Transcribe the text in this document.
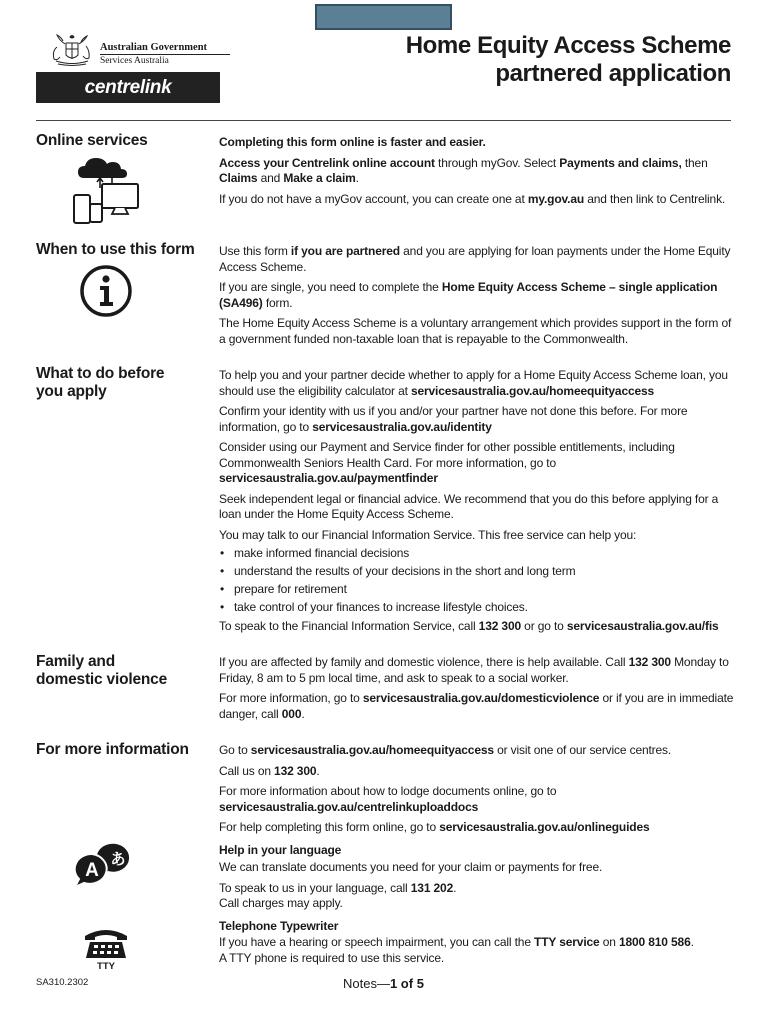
Australian Government
Services Australia
centrelink
Home Equity Access Scheme
partnered application
Online services	Completing this form online is faster and easier.

Access your Centrelink online account through myGov. Select Payments and claims, then Claims and Make a claim.

If you do not have a myGov account, you can create one at my.gov.au and then link to Centrelink.

When to use this form Use this form if you are partnered and you are applying for loan payments under the Home Equity Access Scheme.

If you are single, you need to complete the Home Equity Access Scheme – single application (SA496) form.

The Home Equity Access Scheme is a voluntary arrangement which provides support in the form of a government funded non-taxable loan that is repayable to the Commonwealth.

What to do before
you apply

To help you and your partner decide whether to apply for a Home Equity Access Scheme loan, you should use the eligibility calculator at servicesaustralia.gov.au/homeequityaccess

Confirm your identity with us if you and/or your partner have not done this before. For more information, go to servicesaustralia.gov.au/identity

Consider using our Payment and Service finder for other possible entitlements, including Commonwealth Seniors Health Card. For more information, go to servicesaustralia.gov.au/paymentfinder

Seek independent legal or financial advice. We recommend that you do this before applying for a loan under the Home Equity Access Scheme.

You may talk to our Financial Information Service. This free service can help you:

• make informed financial decisions
• understand the results of your decisions in the short and long term
• prepare for retirement
• take control of your finances to increase lifestyle choices.

To speak to the Financial Information Service, call 132 300 or go to servicesaustralia.gov.au/fis

Family and
domestic violence

If you are affected by family and domestic violence, there is help available. Call 132 300 Monday to Friday, 8 am to 5 pm local time, and ask to speak to a social worker.

For more information, go to servicesaustralia.gov.au/domesticviolence or if you are in immediate danger, call 000.

For more information	Go to servicesaustralia.gov.au/homeequityaccess or visit one of our service centres.

Call us on 132 300.

For more information about how to lodge documents online, go to servicesaustralia.gov.au/centrelinkuploaddocs

For help completing this form online, go to servicesaustralia.gov.au/onlineguides

Help in your language

We can translate documents you need for your claim or payments for free.

To speak to us in your language, call 131 202.

Call charges may apply.

Telephone Typewriter

If you have a hearing or speech impairment, you can call the TTY service on 1800 810 586.

A TTY phone is required to use this service.

A
あ
TTY
SA310.2302	Notes—1 of 5
